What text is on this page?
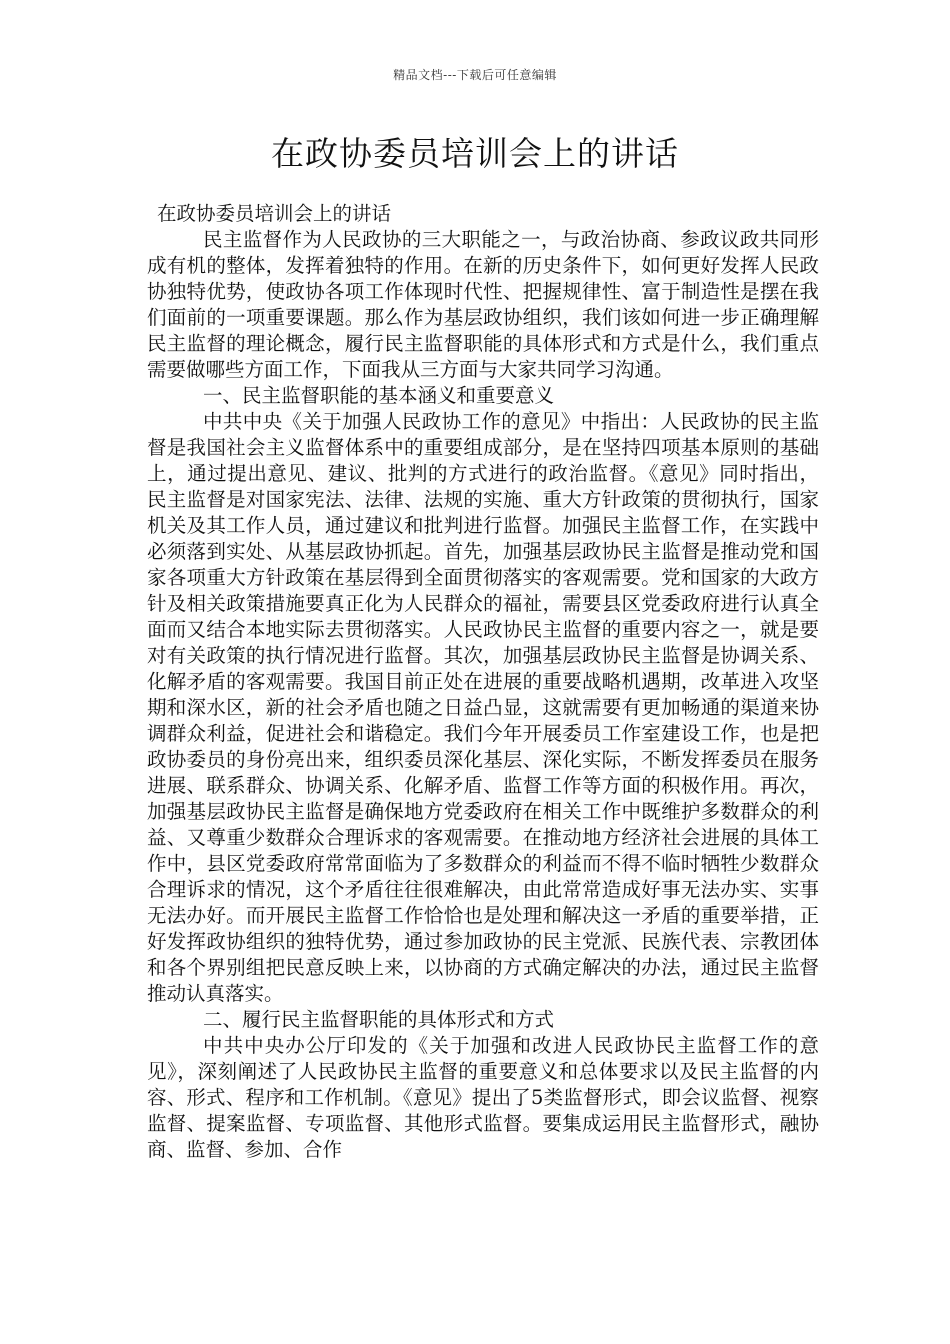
精品文档---下载后可任意编辑
在政协委员培训会上的讲话

在政协委员培训会上的讲话

民主监督作为人民政协的三大职能之一，与政治协商、参政议政共同形成有机的整体，发挥着独特的作用。在新的历史条件下，如何更好发挥人民政协独特优势，使政协各项工作体现时代性、把握规律性、富于制造性是摆在我们面前的一项重要课题。那么作为基层政协组织，我们该如何进一步正确理解民主监督的理论概念，履行民主监督职能的具体形式和方式是什么，我们重点需要做哪些方面工作，下面我从三方面与大家共同学习沟通。

一、民主监督职能的基本涵义和重要意义

中共中央《关于加强人民政协工作的意见》中指出：人民政协的民主监督是我国社会主义监督体系中的重要组成部分，是在坚持四项基本原则的基础上，通过提出意见、建议、批判的方式进行的政治监督。《意见》同时指出，民主监督是对国家宪法、法律、法规的实施、重大方针政策的贯彻执行，国家机关及其工作人员，通过建议和批判进行监督。加强民主监督工作，在实践中必须落到实处、从基层政协抓起。首先，加强基层政协民主监督是推动党和国家各项重大方针政策在基层得到全面贯彻落实的客观需要。党和国家的大政方针及相关政策措施要真正化为人民群众的福祉，需要县区党委政府进行认真全面而又结合本地实际去贯彻落实。人民政协民主监督的重要内容之一，就是要对有关政策的执行情况进行监督。其次，加强基层政协民主监督是协调关系、化解矛盾的客观需要。我国目前正处在进展的重要战略机遇期，改革进入攻坚期和深水区，新的社会矛盾也随之日益凸显，这就需要有更加畅通的渠道来协调群众利益，促进社会和谐稳定。我们今年开展委员工作室建设工作，也是把政协委员的身份亮出来，组织委员深化基层、深化实际，不断发挥委员在服务进展、联系群众、协调关系、化解矛盾、监督工作等方面的积极作用。再次，加强基层政协民主监督是确保地方党委政府在相关工作中既维护多数群众的利益、又尊重少数群众合理诉求的客观需要。在推动地方经济社会进展的具体工作中，县区党委政府常常面临为了多数群众的利益而不得不临时牺牲少数群众合理诉求的情况，这个矛盾往往很难解决，由此常常造成好事无法办实、实事无法办好。而开展民主监督工作恰恰也是处理和解决这一矛盾的重要举措，正好发挥政协组织的独特优势，通过参加政协的民主党派、民族代表、宗教团体和各个界别组把民意反映上来，以协商的方式确定解决的办法，通过民主监督推动认真落实。

二、履行民主监督职能的具体形式和方式

中共中央办公厅印发的《关于加强和改进人民政协民主监督工作的意见》，深刻阐述了人民政协民主监督的重要意义和总体要求以及民主监督的内容、形式、程序和工作机制。《意见》提出了5类监督形式，即会议监督、视察监督、提案监督、专项监督、其他形式监督。要集成运用民主监督形式，融协商、监督、参加、合作
